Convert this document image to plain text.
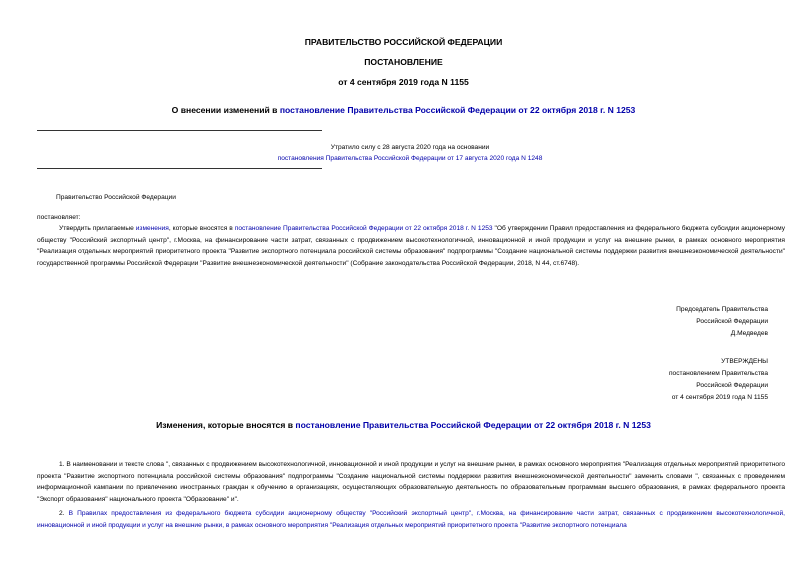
ПРАВИТЕЛЬСТВО РОССИЙСКОЙ ФЕДЕРАЦИИ
ПОСТАНОВЛЕНИЕ
от 4 сентября 2019 года N 1155
О внесении изменений в постановление Правительства Российской Федерации от 22 октября 2018 г. N 1253
Утратило силу с 28 августа 2020 года на основании
постановления Правительства Российской Федерации от 17 августа 2020 года N 1248
Правительство Российской Федерации
постановляет:
Утвердить прилагаемые изменения, которые вносятся в постановление Правительства Российской Федерации от 22 октября 2018 г. N 1253 "Об утверждении Правил предоставления из федерального бюджета субсидии акционерному обществу "Российский экспортный центр", г.Москва, на финансирование части затрат, связанных с продвижением высокотехнологичной, инновационной и иной продукции и услуг на внешние рынки, в рамках основного мероприятия "Реализация отдельных мероприятий приоритетного проекта "Развитие экспортного потенциала российской системы образования" подпрограммы "Создание национальной системы поддержки развития внешнеэкономической деятельности" государственной программы Российской Федерации "Развитие внешнеэкономической деятельности" (Собрание законодательства Российской Федерации, 2018, N 44, ст.6748).
Председатель Правительства
Российской Федерации
Д.Медведев
УТВЕРЖДЕНЫ
постановлением Правительства
Российской Федерации
от 4 сентября 2019 года N 1155
Изменения, которые вносятся в постановление Правительства Российской Федерации от 22 октября 2018 г. N 1253
1. В наименовании и тексте слова ", связанных с продвижением высокотехнологичной, инновационной и иной продукции и услуг на внешние рынки, в рамках основного мероприятия "Реализация отдельных мероприятий приоритетного проекта "Развитие экспортного потенциала российской системы образования" подпрограммы "Создание национальной системы поддержки развития внешнеэкономической деятельности" заменить словами ", связанных с проведением информационной кампании по привлечению иностранных граждан к обучению в организациях, осуществляющих образовательную деятельность по образовательным программам высшего образования, в рамках федерального проекта "Экспорт образования" национального проекта "Образование" и".
2. В Правилах предоставления из федерального бюджета субсидии акционерному обществу "Российский экспортный центр", г.Москва, на финансирование части затрат, связанных с продвижением высокотехнологичной, инновационной и иной продукции и услуг на внешние рынки, в рамках основного мероприятия "Реализация отдельных мероприятий приоритетного проекта "Развитие экспортного потенциала
